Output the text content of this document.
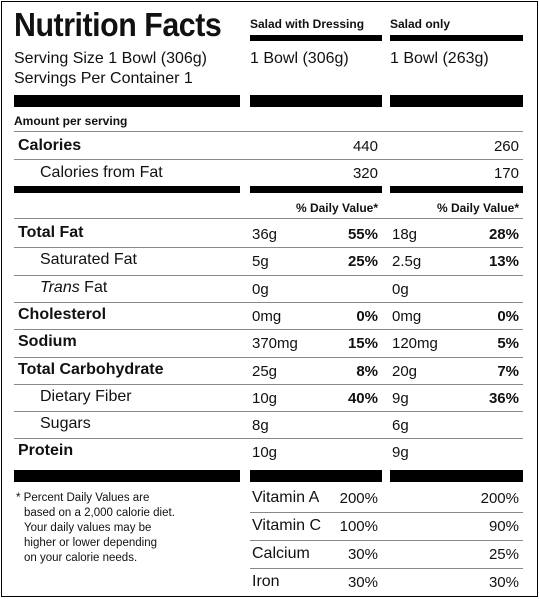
Nutrition Facts Salad with Dressing Salad only
Serving Size 1 Bowl (306g)
Servings Per Container 1
1 Bowl (306g)	1 Bowl (263g)
Amount per serving
Calories	440	260
Calories from Fat	320	170
% Daily Value*	% Daily Value*
* Percent Daily Values are
based on a 2,000 calorie diet.
Your daily values may be
higher or lower depending
on your calorie needs.
Total Fat	36g	55% 18g	28%
Saturated Fat	5g	25% 2.5g	13%
Trans Fat	0g	0g
Cholesterol	0mg	0% 0mg	0%
Sodium	370mg	15% 120mg	5%
Total Carbohydrate	25g	8% 20g	7%
Dietary Fiber	10g	40% 9g	36%
Sugars	8g	6g
Protein	10g	9g
Vitamin A	200%	200%
Vitamin C	100%	90%
Calcium	30%	25%
Iron	30%	30%
